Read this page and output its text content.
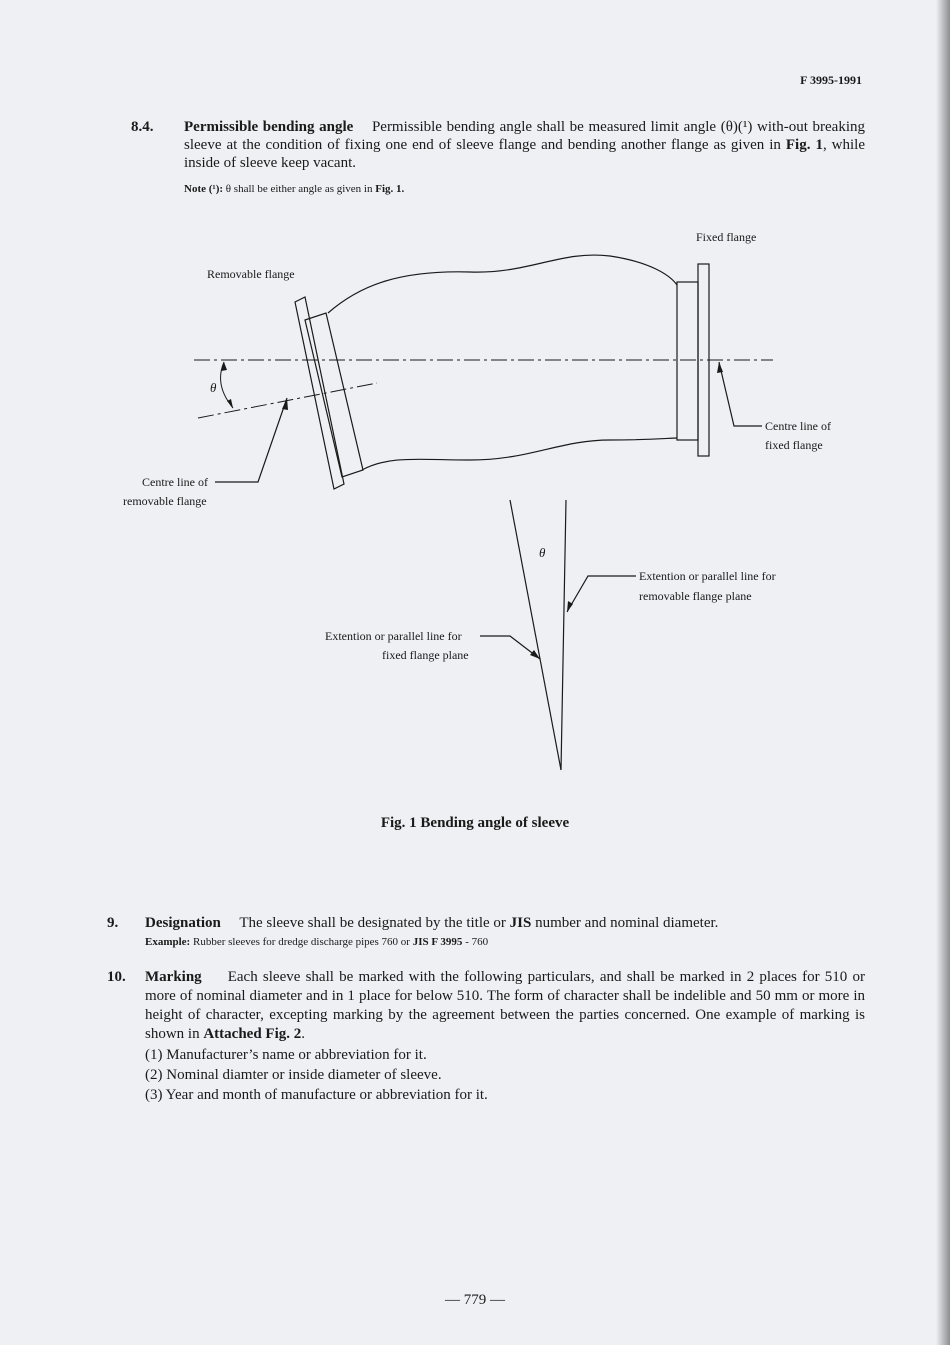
F 3995-1991
8.4. Permissible bending angle Permissible bending angle shall be measured limit angle (θ)(¹) with-out breaking sleeve at the condition of fixing one end of sleeve flange and bending another flange as given in Fig. 1, while inside of sleeve keep vacant.
Note (¹): θ shall be either angle as given in Fig. 1.
Fixed flange
Removable flange
θ
Centre line of
fixed flange
Centre line of
removable flange
θ
Extention or parallel line for
removable flange plane
Extention or parallel line for
fixed flange plane
Fig. 1 Bending angle of sleeve
9. Designation The sleeve shall be designated by the title or JIS number and nominal diameter.
Example: Rubber sleeves for dredge discharge pipes 760 or JIS F 3995 - 760
10. Marking Each sleeve shall be marked with the following particulars, and shall be marked in 2 places for 510 or more of nominal diameter and in 1 place for below 510. The form of character shall be indelible and 50 mm or more in height of character, excepting marking by the agreement between the parties concerned. One example of marking is shown in Attached Fig. 2.
(1) Manufacturer’s name or abbreviation for it.
(2) Nominal diamter or inside diameter of sleeve.
(3) Year and month of manufacture or abbreviation for it.
— 779 —
